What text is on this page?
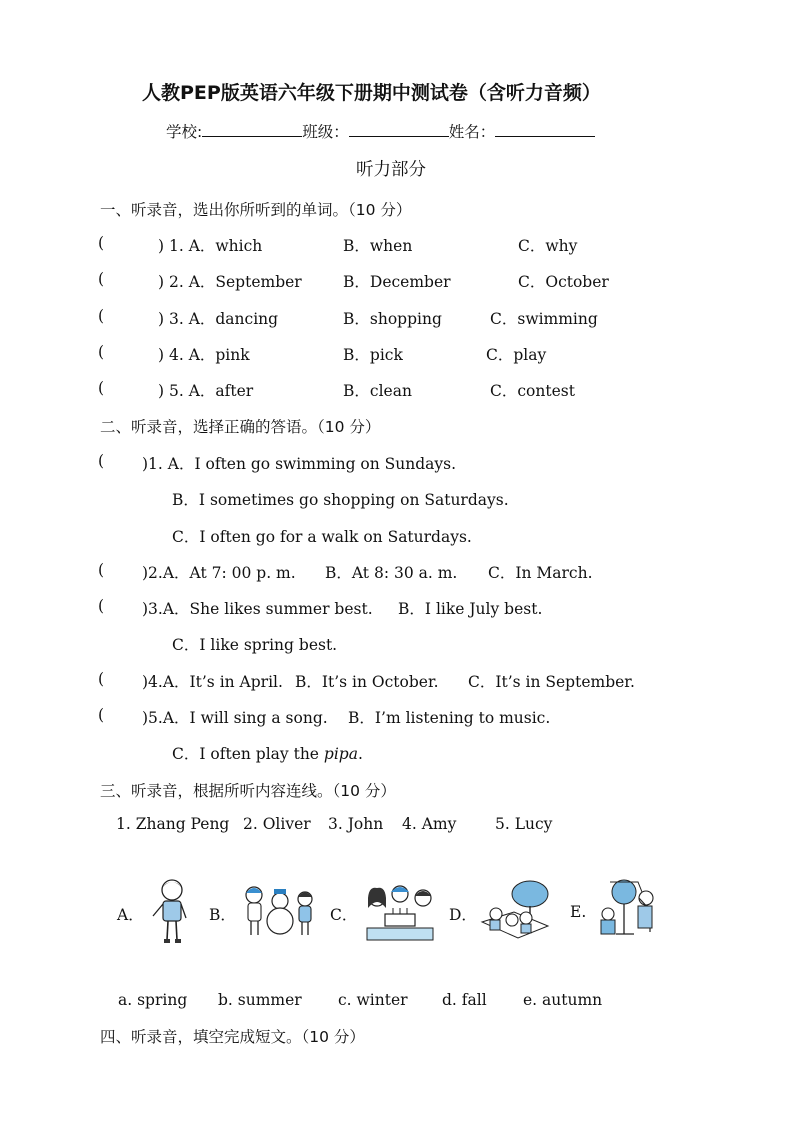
人教PEP版英语六年级下册期中测试卷（含听力音频）
学校:	班级：	姓名：
听力部分
一、听录音，选出你所听到的单词。（10 分）
(	) 1. A．which	B．when	C．why
(	) 2. A．September	B．December	C．October
(	) 3. A．dancing	B．shopping	C．swimming
(	) 4. A．pink	B．pick	C．play
(	) 5. A．after	B．clean	C．contest
二、听录音，选择正确的答语。（10 分）
( )1. A．I often go swimming on Sundays.
B．I sometimes go shopping on Saturdays.
C．I often go for a walk on Saturdays.
( )2.A．At 7: 00 p. m. B．At 8: 30 a. m. C．In March.
( )3.A．She likes summer best. B．I like July best.
C．I like spring best.
( )4.A．It’s in April. B．It’s in October. C．It’s in September.
( )5.A．I will sing a song. B．I’m listening to music.
C．I often play the pipa.
三、听录音，根据所听内容连线。（10 分）
1. Zhang Peng 2. Oliver 3. John 4. Amy 5. Lucy
A．	B．	C．	D．	E.
a. spring b. summer c. winter d. fall e. autumn
四、听录音，填空完成短文。（10 分）
